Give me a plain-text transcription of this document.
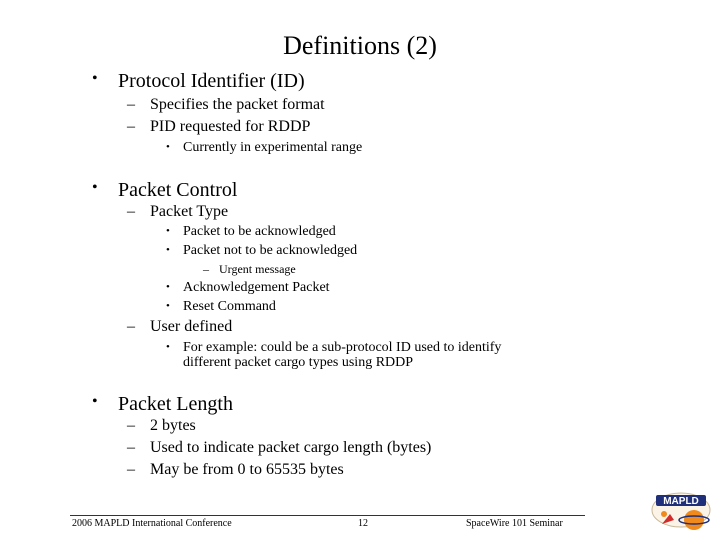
Definitions (2)
• Protocol Identifier (ID)
– Specifies the packet format
– PID requested for RDDP
• Currently in experimental range
• Packet Control
– Packet Type
• Packet to be acknowledged
• Packet not to be acknowledged
– Urgent message
• Acknowledgement Packet
• Reset Command
– User defined
• For example: could be a sub-protocol ID used to identify
different packet cargo types using RDDP
• Packet Length
– 2 bytes
– Used to indicate packet cargo length (bytes)
– May be from 0 to 65535 bytes
2006 MAPLD International Conference	12	SpaceWire 101 Seminar
MAPLD
